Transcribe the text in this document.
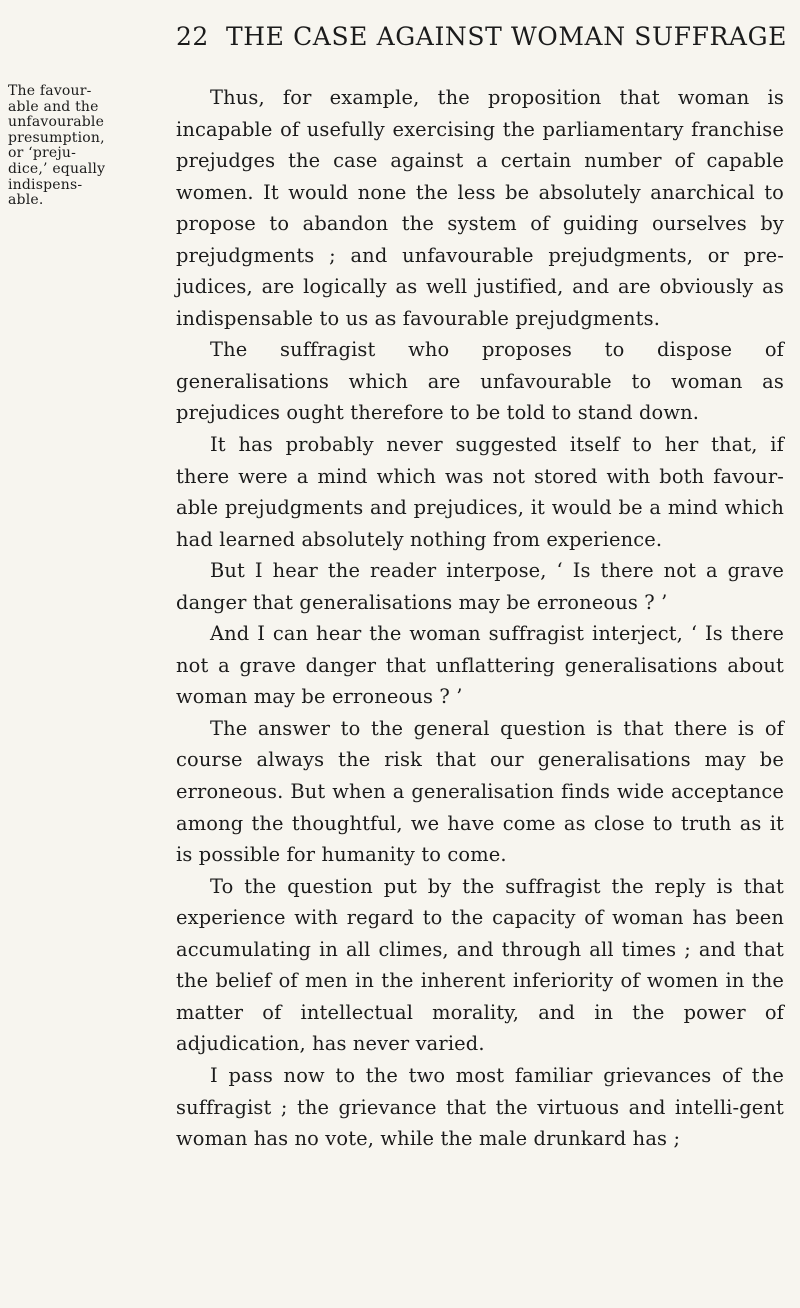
22 THE CASE AGAINST WOMAN SUFFRAGE
The favour-
able and the
unfavourable
presumption,
or ‘preju-
dice,’ equally
indispens-
able.

Thus, for example, the proposition that woman is incapable of usefully exercising the parliamentary franchise prejudges the case against a certain number of capable women. It would none the less be absolutely anarchical to propose to abandon the system of guiding ourselves by prejudgments ; and unfavourable prejudgments, or pre-judices, are logically as well justified, and are obviously as indispensable to us as favourable prejudgments.

The suffragist who proposes to dispose of generalisations which are unfavourable to woman as prejudices ought therefore to be told to stand down.

It has probably never suggested itself to her that, if there were a mind which was not stored with both favour-able prejudgments and prejudices, it would be a mind which had learned absolutely nothing from experience.

But I hear the reader interpose, ‘ Is there not a grave danger that generalisations may be erroneous ? ’

And I can hear the woman suffragist interject, ‘ Is there not a grave danger that unflattering generalisations about woman may be erroneous ? ’

The answer to the general question is that there is of course always the risk that our generalisations may be erroneous. But when a generalisation finds wide acceptance among the thoughtful, we have come as close to truth as it is possible for humanity to come.

To the question put by the suffragist the reply is that experience with regard to the capacity of woman has been accumulating in all climes, and through all times ; and that the belief of men in the inherent inferiority of women in the matter of intellectual morality, and in the power of adjudication, has never varied.

I pass now to the two most familiar grievances of the suffragist ; the grievance that the virtuous and intelli-gent woman has no vote, while the male drunkard has ;
